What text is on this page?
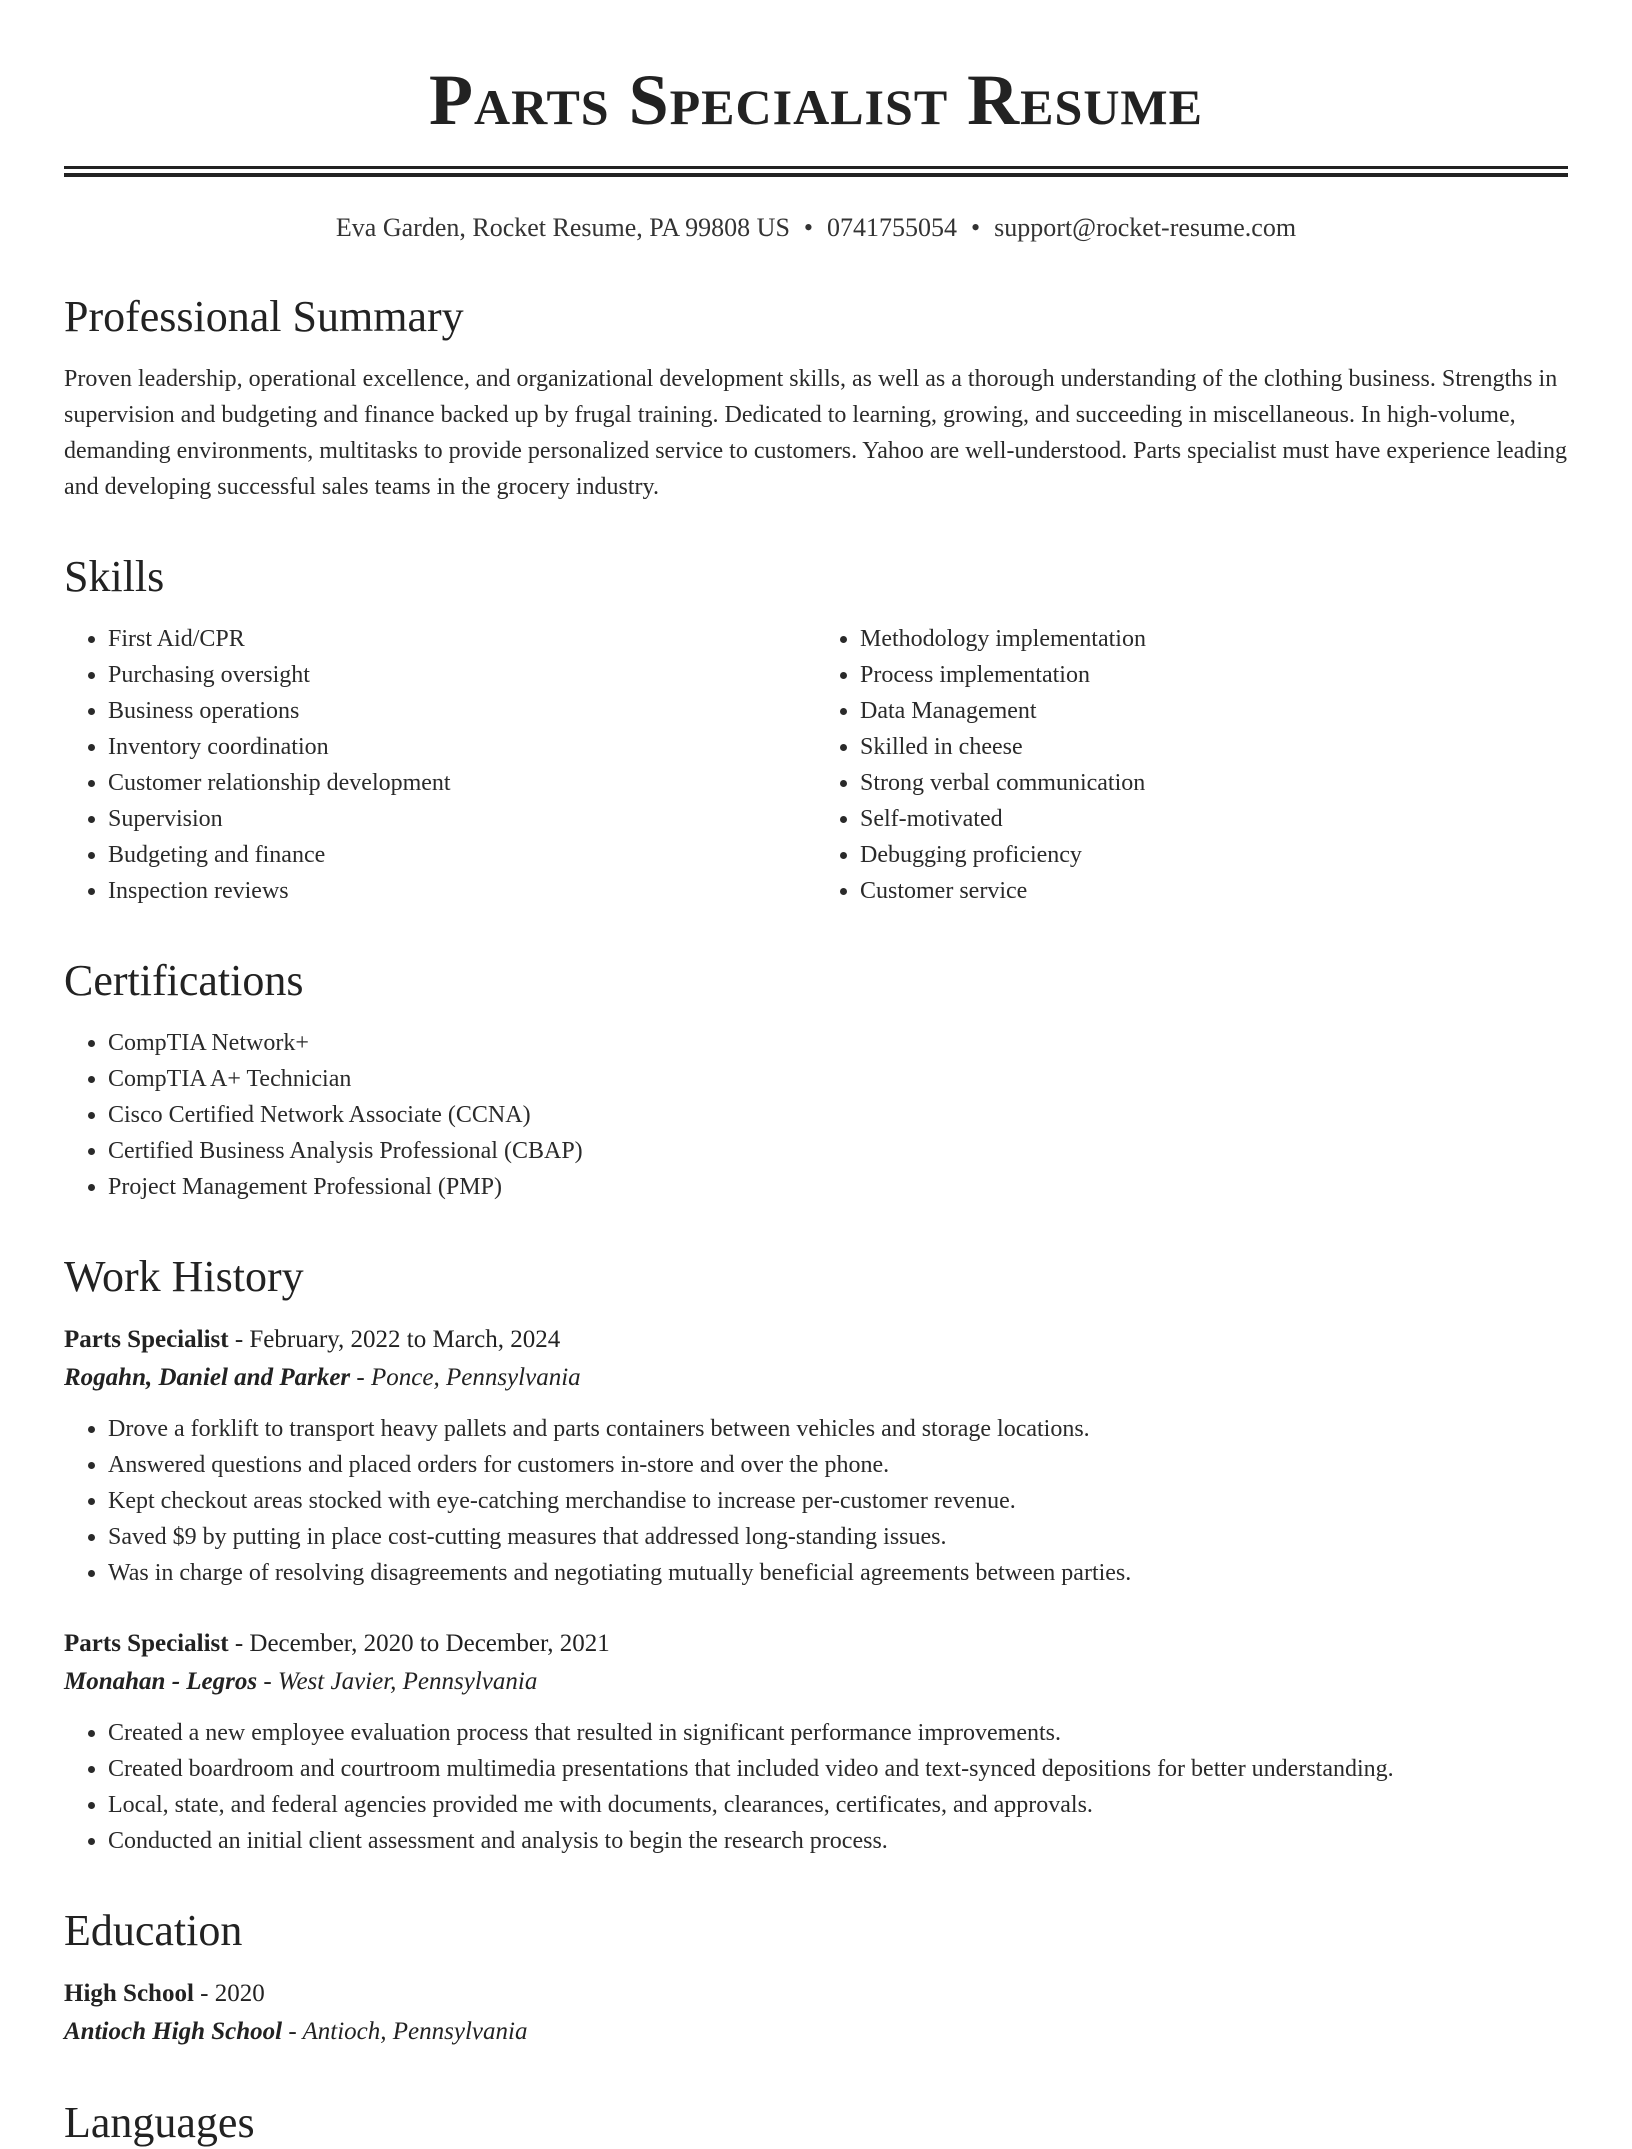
Parts Specialist Resume
Eva Garden, Rocket Resume, PA 99808 US • 0741755054 • support@rocket-resume.com
Professional Summary

Proven leadership, operational excellence, and organizational development skills, as well as a thorough understanding of the clothing business. Strengths in supervision and budgeting and finance backed up by frugal training. Dedicated to learning, growing, and succeeding in miscellaneous. In high-volume, demanding environments, multitasks to provide personalized service to customers. Yahoo are well-understood. Parts specialist must have experience leading and developing successful sales teams in the grocery industry.

Skills
• First Aid/CPR
• Purchasing oversight
• Business operations
• Inventory coordination
• Customer relationship development
• Supervision
• Budgeting and finance
• Inspection reviews
• Methodology implementation
• Process implementation
• Data Management
• Skilled in cheese
• Strong verbal communication
• Self-motivated
• Debugging proficiency
• Customer service
Certifications
• CompTIA Network+
• CompTIA A+ Technician
• Cisco Certified Network Associate (CCNA)
• Certified Business Analysis Professional (CBAP)
• Project Management Professional (PMP)
Work History
Parts Specialist - February, 2022 to March, 2024
Rogahn, Daniel and Parker - Ponce, Pennsylvania
• Drove a forklift to transport heavy pallets and parts containers between vehicles and storage locations.
• Answered questions and placed orders for customers in-store and over the phone.
• Kept checkout areas stocked with eye-catching merchandise to increase per-customer revenue.
• Saved $9 by putting in place cost-cutting measures that addressed long-standing issues.
• Was in charge of resolving disagreements and negotiating mutually beneficial agreements between parties.
Parts Specialist - December, 2020 to December, 2021
Monahan - Legros - West Javier, Pennsylvania
• Created a new employee evaluation process that resulted in significant performance improvements.
• Created boardroom and courtroom multimedia presentations that included video and text-synced depositions for better understanding.
• Local, state, and federal agencies provided me with documents, clearances, certificates, and approvals.
• Conducted an initial client assessment and analysis to begin the research process.
Education
High School - 2020
Antioch High School - Antioch, Pennsylvania
Languages
